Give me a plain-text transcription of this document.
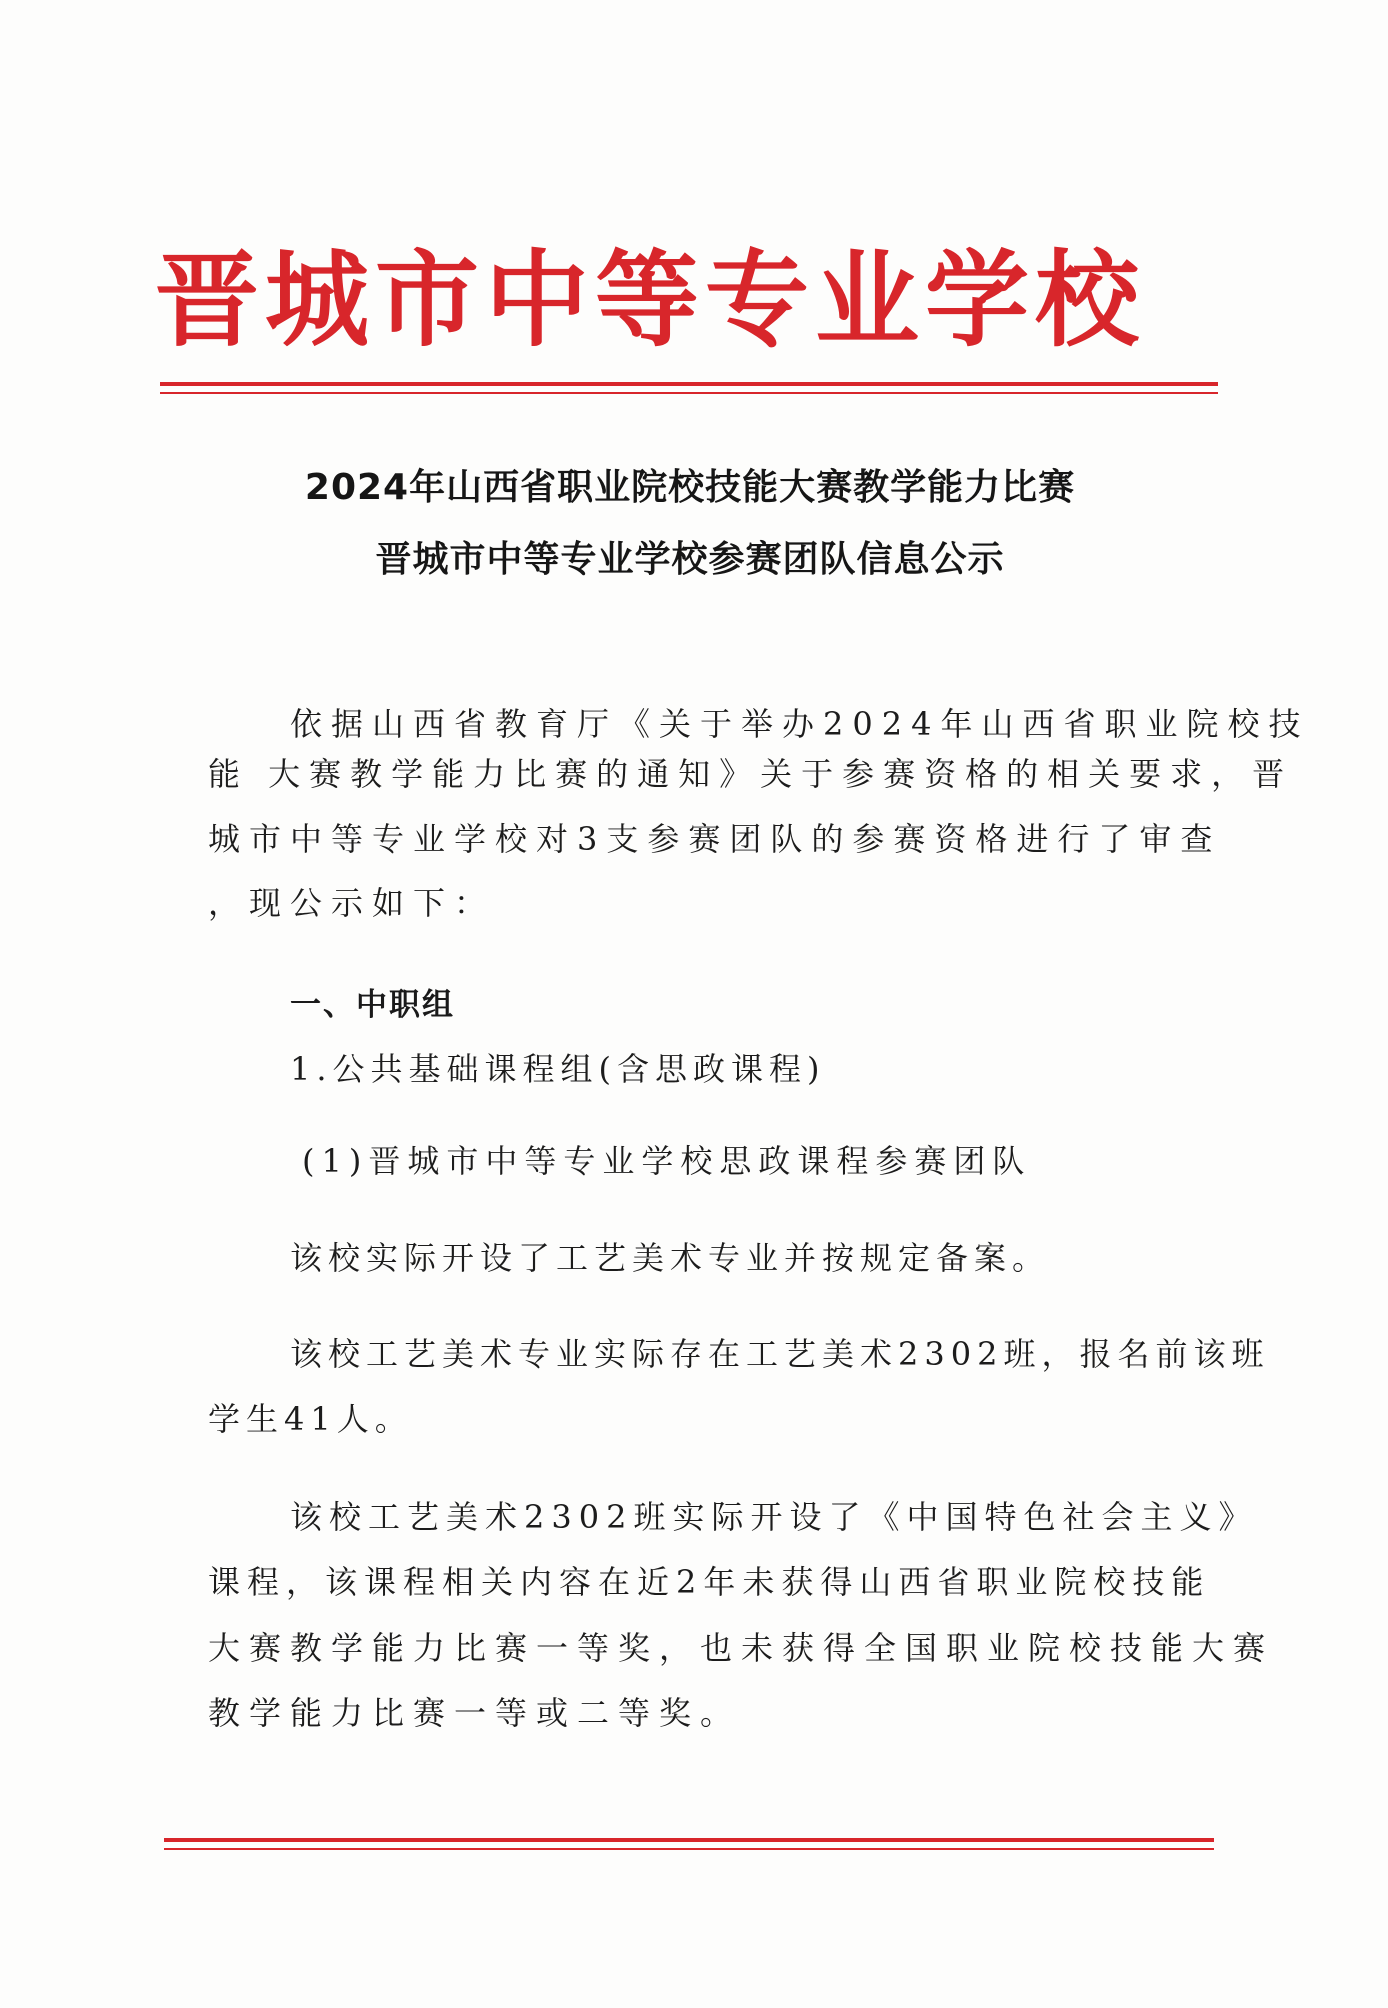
晋城市中等专业学校
2024年山西省职业院校技能大赛教学能力比赛
晋城市中等专业学校参赛团队信息公示
依据山西省教育厅《关于举办2024年山西省职业院校技
能 大赛教学能力比赛的通知》关于参赛资格的相关要求，晋
城市中等专业学校对3支参赛团队的参赛资格进行了审查
，现公示如下：
一、中职组
1.公共基础课程组(含思政课程)
(1)晋城市中等专业学校思政课程参赛团队
该校实际开设了工艺美术专业并按规定备案。
该校工艺美术专业实际存在工艺美术2302班，报名前该班
学生41人。
该校工艺美术2302班实际开设了《中国特色社会主义》
课程，该课程相关内容在近2年未获得山西省职业院校技能
大赛教学能力比赛一等奖，也未获得全国职业院校技能大赛
教学能力比赛一等或二等奖。
